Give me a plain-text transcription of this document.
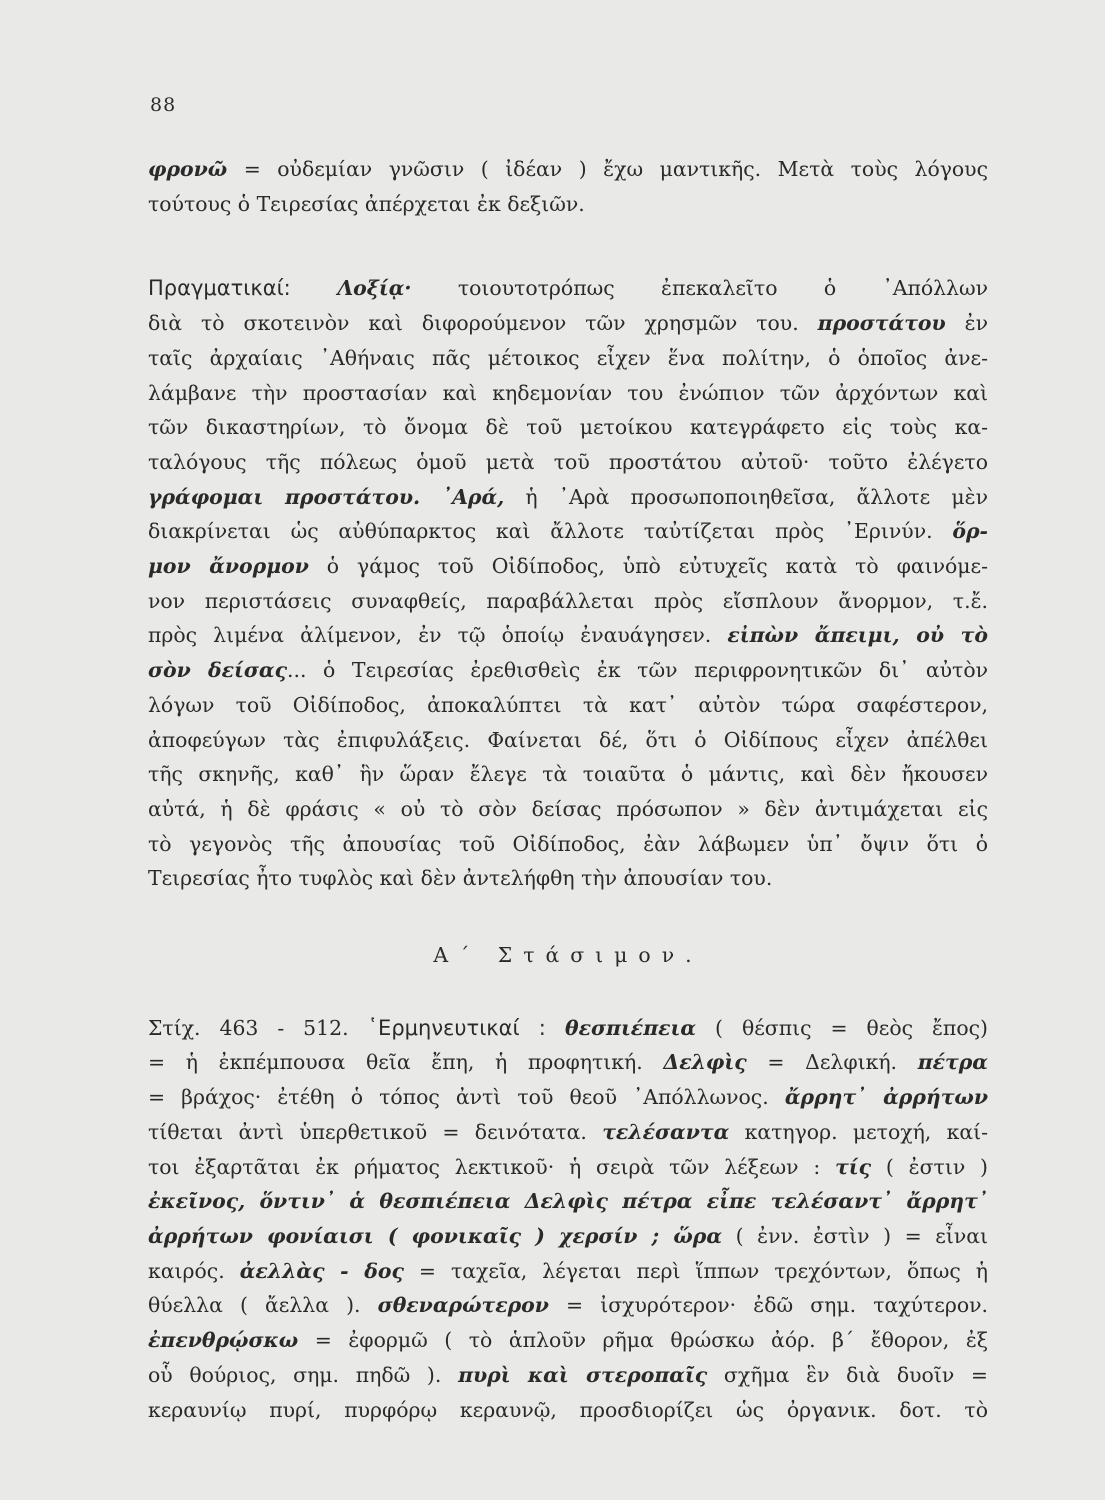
88
φρονῶ = οὐδεμίαν γνῶσιν ( ἰδέαν ) ἔχω μαντικῆς. Μετὰ τοὺς λόγους
τούτους ὁ Τειρεσίας ἀπέρχεται ἐκ δεξιῶν.
Πραγματικαί: Λοξίᾳ· τοιουτοτρόπως ἐπεκαλεῖτο ὁ ᾿Απόλλων
διὰ τὸ σκοτεινὸν καὶ διφορούμενον τῶν χρησμῶν του. προστάτου ἐν
ταῖς ἀρχαίαις ᾿Αθήναις πᾶς μέτοικος εἶχεν ἕνα πολίτην, ὁ ὁποῖος ἀνε-
λάμβανε τὴν προστασίαν καὶ κηδεμονίαν του ἐνώπιον τῶν ἀρχόντων καὶ
τῶν δικαστηρίων, τὸ ὄνομα δὲ τοῦ μετοίκου κατεγράφετο εἰς τοὺς κα-
ταλόγους τῆς πόλεως ὁμοῦ μετὰ τοῦ προστάτου αὐτοῦ· τοῦτο ἐλέγετο
γράφομαι προστάτου. ᾿Αρά, ἡ ᾿Αρὰ προσωποποιηθεῖσα, ἄλλοτε μὲν
διακρίνεται ὡς αὐθύπαρκτος καὶ ἄλλοτε ταὐτίζεται πρὸς ᾿Ερινύν. ὅρ-
μον ἄνορμον ὁ γάμος τοῦ Οἰδίποδος, ὑπὸ εὐτυχεῖς κατὰ τὸ φαινόμε-
νον περιστάσεις συναφθείς, παραβάλλεται πρὸς εἴσπλουν ἄνορμον, τ.ἔ.
πρὸς λιμένα ἀλίμενον, ἐν τῷ ὁποίῳ ἐναυάγησεν. εἰπὼν ἄπειμι, οὐ τὸ
σὸν δείσας... ὁ Τειρεσίας ἐρεθισθεὶς ἐκ τῶν περιφρονητικῶν δι᾽ αὐτὸν
λόγων τοῦ Οἰδίποδος, ἀποκαλύπτει τὰ κατ᾽ αὐτὸν τώρα σαφέστερον,
ἀποφεύγων τὰς ἐπιφυλάξεις. Φαίνεται δέ, ὅτι ὁ Οἰδίπους εἶχεν ἀπέλθει
τῆς σκηνῆς, καθ᾽ ἣν ὥραν ἔλεγε τὰ τοιαῦτα ὁ μάντις, καὶ δὲν ἤκουσεν
αὐτά, ἡ δὲ φράσις « οὐ τὸ σὸν δείσας πρόσωπον » δὲν ἀντιμάχεται εἰς
τὸ γεγονὸς τῆς ἀπουσίας τοῦ Οἰδίποδος, ἐὰν λάβωμεν ὑπ᾽ ὄψιν ὅτι ὁ
Τειρεσίας ἦτο τυφλὸς καὶ δὲν ἀντελήφθη τὴν ἀπουσίαν του.
Α΄ Στάσιμον.
Στίχ. 463 - 512. ῾Ερμηνευτικαί : θεσπιέπεια ( θέσπις = θεὸς ἔπος)
= ἡ ἐκπέμπουσα θεῖα ἔπη, ἡ προφητική. Δελφὶς = Δελφική. πέτρα
= βράχος· ἐτέθη ὁ τόπος ἀντὶ τοῦ θεοῦ ᾿Απόλλωνος. ἄρρητ᾽ ἀρρήτων
τίθεται ἀντὶ ὑπερθετικοῦ = δεινότατα. τελέσαντα κατηγορ. μετοχή, καί-
τοι ἐξαρτᾶται ἐκ ρήματος λεκτικοῦ· ἡ σειρὰ τῶν λέξεων : τίς ( ἐστιν )
ἐκεῖνος, ὅντιν᾽ ἁ θεσπιέπεια Δελφὶς πέτρα εἶπε τελέσαντ᾽ ἄρρητ᾽
ἀρρήτων φονίαισι ( φονικαῖς ) χερσίν ; ὥρα ( ἐνν. ἐστὶν ) = εἶναι
καιρός. ἀελλὰς - δος = ταχεῖα, λέγεται περὶ ἵππων τρεχόντων, ὅπως ἡ
θύελλα ( ἄελλα ). σθεναρώτερον = ἰσχυρότερον· ἐδῶ σημ. ταχύτερον.
ἐπενθρῴσκω = ἐφορμῶ ( τὸ ἁπλοῦν ρῆμα θρώσκω ἀόρ. β΄ ἔθορον, ἐξ
οὗ θούριος, σημ. πηδῶ ). πυρὶ καὶ στεροπαῖς σχῆμα ἓν διὰ δυοῖν =
κεραυνίῳ πυρί, πυρφόρῳ κεραυνῷ, προσδιορίζει ὡς ὀργανικ. δοτ. τὸ
